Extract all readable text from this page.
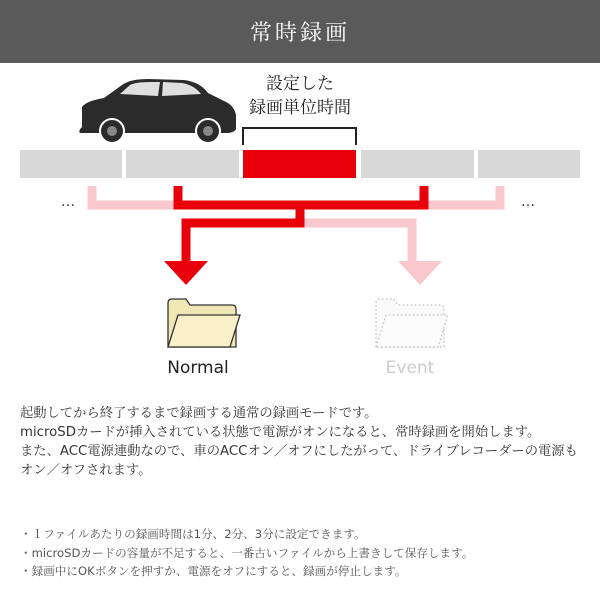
常時録画
設定した
録画単位時間
…	…
Normal	Event

起動してから終了するまで録画する通常の録画モードです。

microSDカードが挿入されている状態で電源がオンになると、常時録画を開始します。

また、ACC電源連動なので、車のACCオン／オフにしたがって、ドライブレコーダーの電源もオン／オフされます。

・１ファイルあたりの録画時間は1分、2分、3分に設定できます。

・microSDカードの容量が不足すると、一番古いファイルから上書きして保存します。

・録画中にOKボタンを押すか、電源をオフにすると、録画が停止します。
